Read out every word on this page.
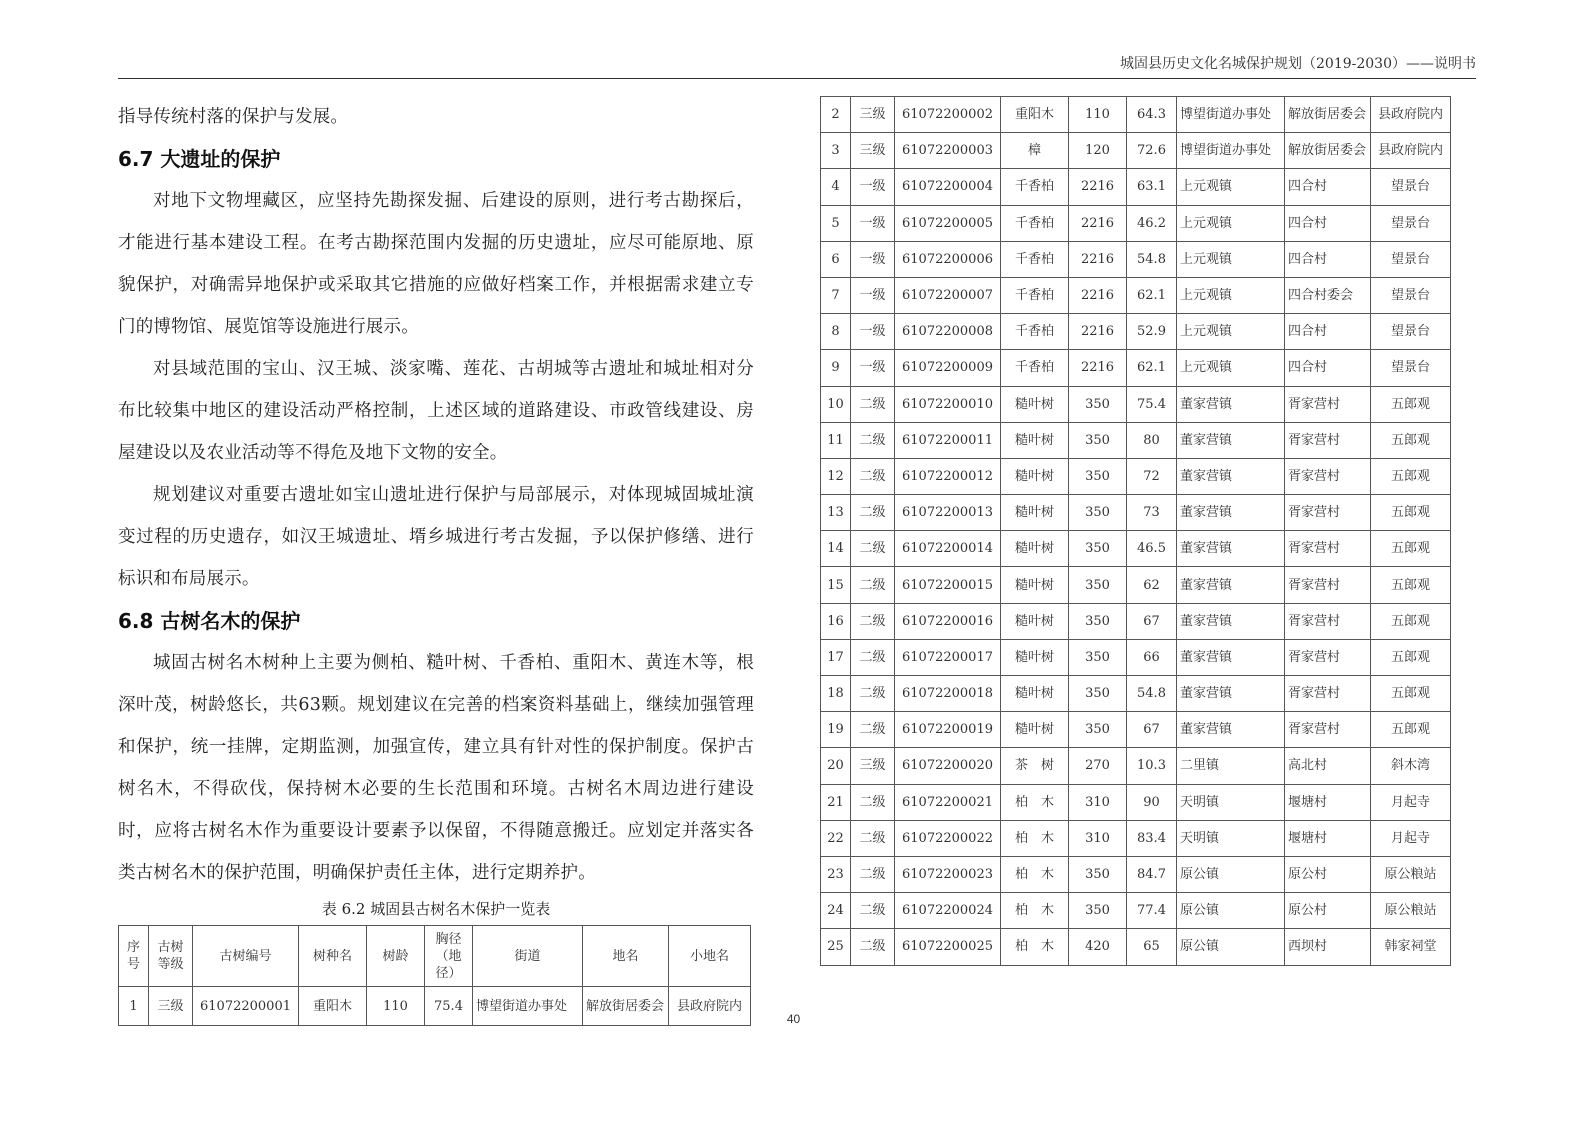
城固县历史文化名城保护规划（2019-2030）——说明书

指导传统村落的保护与发展。

6.7 大遗址的保护

对地下文物埋藏区，应坚持先勘探发掘、后建设的原则，进行考古勘探后，才能进行基本建设工程。在考古勘探范围内发掘的历史遗址，应尽可能原地、原貌保护，对确需异地保护或采取其它措施的应做好档案工作，并根据需求建立专门的博物馆、展览馆等设施进行展示。

对县域范围的宝山、汉王城、淡家嘴、莲花、古胡城等古遗址和城址相对分布比较集中地区的建设活动严格控制，上述区域的道路建设、市政管线建设、房屋建设以及农业活动等不得危及地下文物的安全。

规划建议对重要古遗址如宝山遗址进行保护与局部展示，对体现城固城址演变过程的历史遗存，如汉王城遗址、壻乡城进行考古发掘，予以保护修缮、进行标识和布局展示。

6.8 古树名木的保护

城固古树名木树种上主要为侧柏、糙叶树、千香柏、重阳木、黄连木等，根深叶茂，树龄悠长，共63颗。规划建议在完善的档案资料基础上，继续加强管理和保护，统一挂牌，定期监测，加强宣传，建立具有针对性的保护制度。保护古树名木，不得砍伐，保持树木必要的生长范围和环境。古树名木周边进行建设时，应将古树名木作为重要设计要素予以保留，不得随意搬迁。应划定并落实各类古树名木的保护范围，明确保护责任主体，进行定期养护。

表 6.2 城固县古树名木保护一览表

序号	古树等级	古树编号	树种名	树龄	胸径（地径）	街道	地名	小地名
1	三级	61072200001	重阳木	110	75.4	博望街道办事处	解放街居委会	县政府院内
2	三级	61072200002	重阳木	110	64.3	博望街道办事处	解放街居委会	县政府院内
3	三级	61072200003	樟	120	72.6	博望街道办事处	解放街居委会	县政府院内
4	一级	61072200004	千香柏	2216	63.1	上元观镇	四合村	望景台
5	一级	61072200005	千香柏	2216	46.2	上元观镇	四合村	望景台
6	一级	61072200006	千香柏	2216	54.8	上元观镇	四合村	望景台
7	一级	61072200007	千香柏	2216	62.1	上元观镇	四合村委会	望景台
8	一级	61072200008	千香柏	2216	52.9	上元观镇	四合村	望景台
9	一级	61072200009	千香柏	2216	62.1	上元观镇	四合村	望景台
10	二级	61072200010	糙叶树	350	75.4	董家营镇	胥家营村	五郎观
11	二级	61072200011	糙叶树	350	80	董家营镇	胥家营村	五郎观
12	二级	61072200012	糙叶树	350	72	董家营镇	胥家营村	五郎观
13	二级	61072200013	糙叶树	350	73	董家营镇	胥家营村	五郎观
14	二级	61072200014	糙叶树	350	46.5	董家营镇	胥家营村	五郎观
15	二级	61072200015	糙叶树	350	62	董家营镇	胥家营村	五郎观
16	二级	61072200016	糙叶树	350	67	董家营镇	胥家营村	五郎观
17	二级	61072200017	糙叶树	350	66	董家营镇	胥家营村	五郎观
18	二级	61072200018	糙叶树	350	54.8	董家营镇	胥家营村	五郎观
19	二级	61072200019	糙叶树	350	67	董家营镇	胥家营村	五郎观
20	三级	61072200020	茶　树	270	10.3	二里镇	高北村	斜木湾
21	二级	61072200021	柏　木	310	90	天明镇	堰塘村	月起寺
22	二级	61072200022	柏　木	310	83.4	天明镇	堰塘村	月起寺
23	二级	61072200023	柏　木	350	84.7	原公镇	原公村	原公粮站
24	二级	61072200024	柏　木	350	77.4	原公镇	原公村	原公粮站
25	二级	61072200025	柏　木	420	65	原公镇	西坝村	韩家祠堂
40
